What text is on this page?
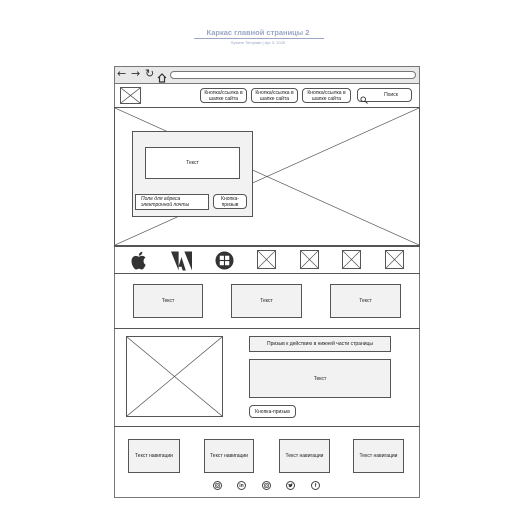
Каркас главной страницы 2
System Template | Apr 3, 2025
← → ↻
Кнопка/ссылка в шапке сайта
Кнопка/ссылка в шапке сайта
Кнопка/ссылка в шапке сайта
Поиск
Текст
Поле для адреса электронной почты
Кнопка-призыв
Текст	Текст	Текст
Призыв к действию в нижней части страницы
Текст
Кнопка-призыв
Текст навигации	Текст навигации	Текст навигации	Текст навигации
in	f
